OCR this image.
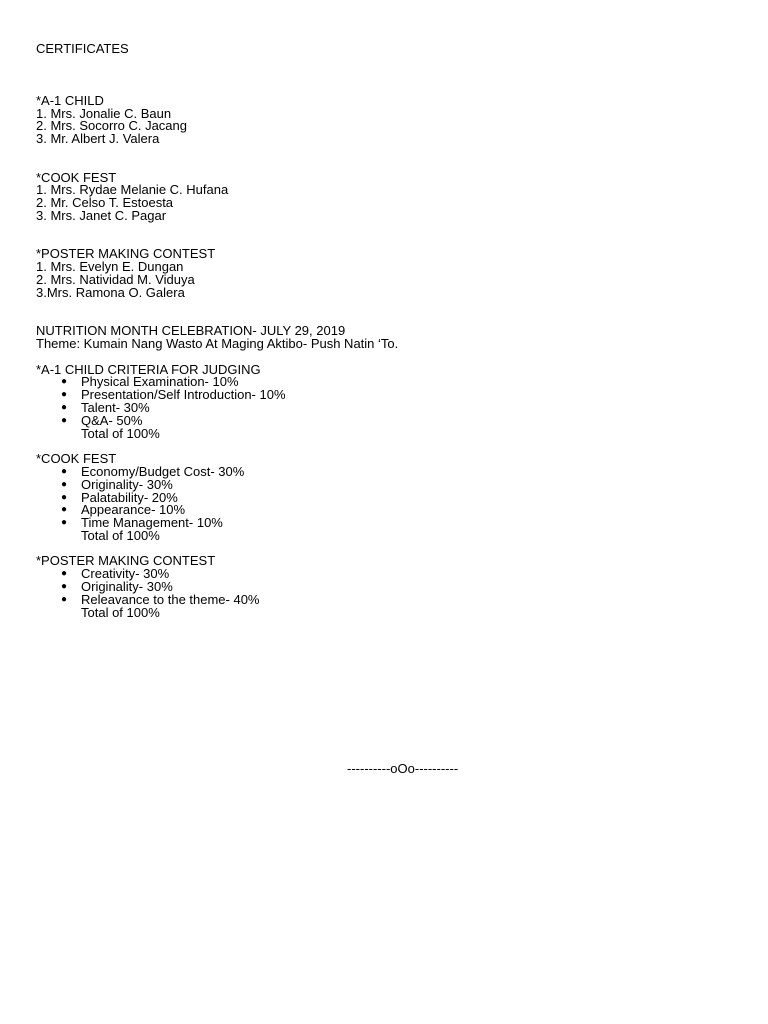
CERTIFICATES
*A-1 CHILD
1. Mrs. Jonalie C. Baun
2. Mrs. Socorro C. Jacang
3. Mr. Albert J. Valera
*COOK FEST
1. Mrs. Rydae Melanie C. Hufana
2. Mr. Celso T. Estoesta
3. Mrs. Janet C. Pagar
*POSTER MAKING CONTEST
1. Mrs. Evelyn E. Dungan
2. Mrs. Natividad M. Viduya
3.Mrs. Ramona O. Galera
NUTRITION MONTH CELEBRATION- JULY 29, 2019
Theme: Kumain Nang Wasto At Maging Aktibo- Push Natin ‘To.
*A-1 CHILD CRITERIA FOR JUDGING
● Physical Examination- 10%
● Presentation/Self Introduction- 10%
● Talent- 30%
● Q&A- 50%
Total of 100%
*COOK FEST
● Economy/Budget Cost- 30%
● Originality- 30%
● Palatability- 20%
● Appearance- 10%
● Time Management- 10%
Total of 100%
*POSTER MAKING CONTEST
● Creativity- 30%
● Originality- 30%
● Releavance to the theme- 40%
Total of 100%
----------oOo----------
